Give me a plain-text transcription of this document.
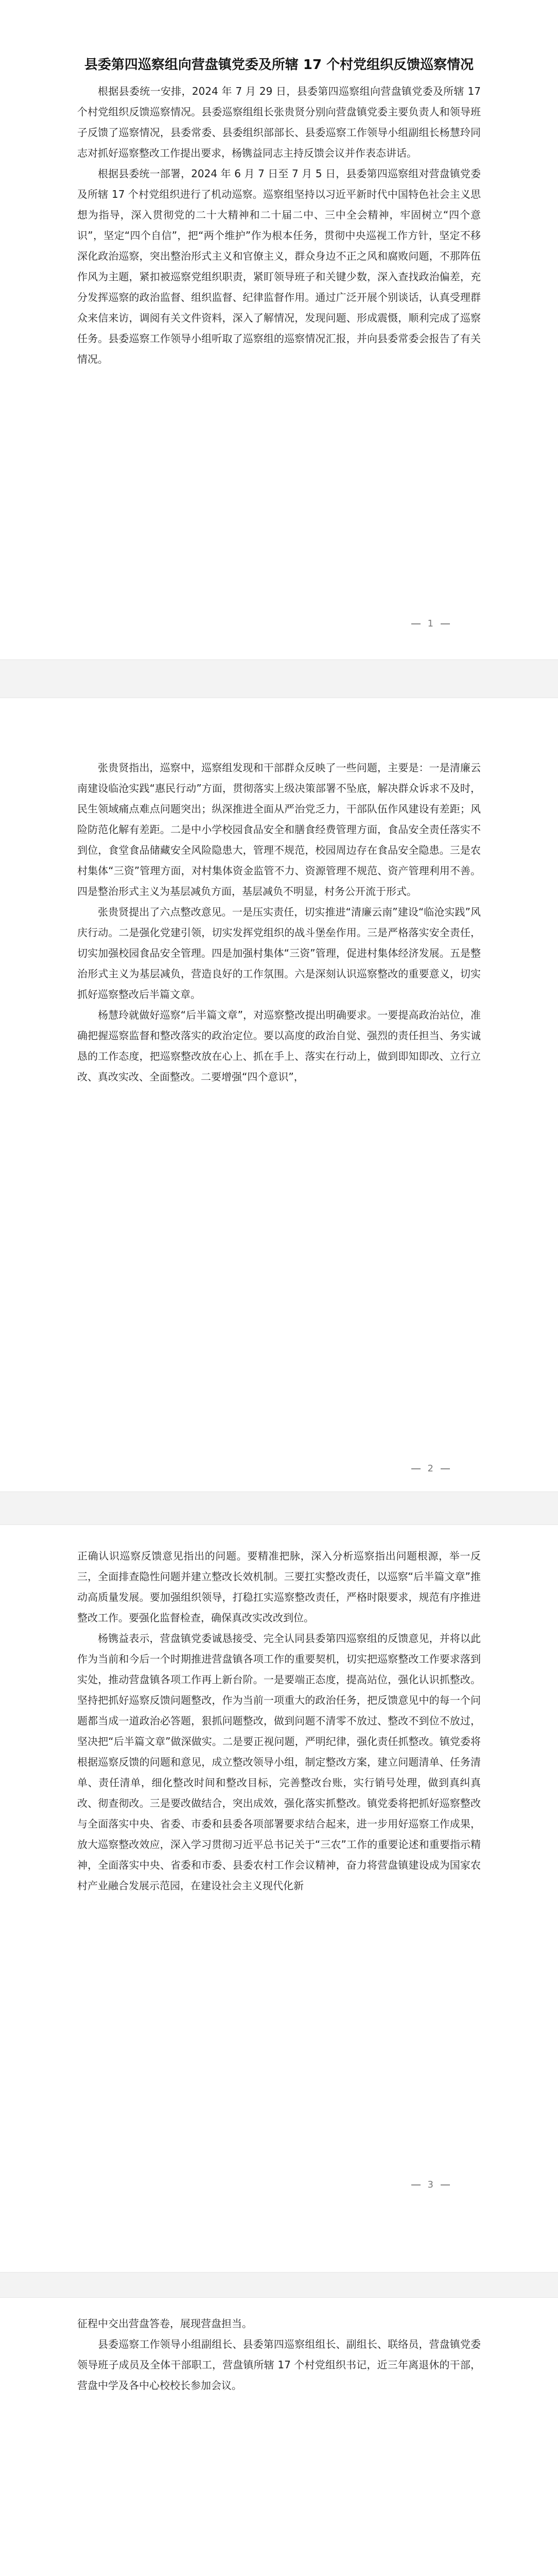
县委第四巡察组向营盘镇党委及所辖 17 个村党组织反馈巡察情况

根据县委统一安排，2024 年 7 月 29 日，县委第四巡察组向营盘镇党委及所辖 17 个村党组织反馈巡察情况。县委巡察组组长张贵贤分别向营盘镇党委主要负责人和领导班子反馈了巡察情况，县委常委、县委组织部部长、县委巡察工作领导小组副组长杨慧玲同志对抓好巡察整改工作提出要求，杨镌益同志主持反馈会议并作表态讲话。

根据县委统一部署，2024 年 6 月 7 日至 7 月 5 日，县委第四巡察组对营盘镇党委及所辖 17 个村党组织进行了机动巡察。巡察组坚持以习近平新时代中国特色社会主义思想为指导，深入贯彻党的二十大精神和二十届二中、三中全会精神，牢固树立“四个意识”，坚定“四个自信”，把“两个维护”作为根本任务，贯彻中央巡视工作方针，坚定不移深化政治巡察，突出整治形式主义和官僚主义，群众身边不正之风和腐败问题，不那阵伍作风为主题，紧扣被巡察党组织职责，紧盯领导班子和关键少数，深入查找政治偏差，充分发挥巡察的政治监督、组织监督、纪律监督作用。通过广泛开展个别谈话，认真受理群众来信来访，调阅有关文件资料，深入了解情况，发现问题、形成震慑，顺利完成了巡察任务。县委巡察工作领导小组听取了巡察组的巡察情况汇报，并向县委常委会报告了有关情况。

1

张贵贤指出，巡察中，巡察组发现和干部群众反映了一些问题，主要是：一是清廉云南建设临沧实践“惠民行动”方面，贯彻落实上级决策部署不坠底，解决群众诉求不及时，民生领域痛点难点问题突出；纵深推进全面从严治党乏力，干部队伍作风建设有差距；风险防范化解有差距。二是中小学校园食品安全和膳食经费管理方面，食品安全责任落实不到位，食堂食品储藏安全风险隐患大，管理不规范，校园周边存在食品安全隐患。三是农村集体“三资”管理方面，对村集体资金监管不力、资源管理不规范、资产管理利用不善。四是整治形式主义为基层减负方面，基层减负不明显，村务公开流于形式。

张贵贤提出了六点整改意见。一是压实责任，切实推进“清廉云南”建设“临沧实践”风庆行动。二是强化党建引领，切实发挥党组织的战斗堡垒作用。三是严格落实安全责任，切实加强校园食品安全管理。四是加强村集体“三资”管理，促进村集体经济发展。五是整治形式主义为基层减负，营造良好的工作氛围。六是深刻认识巡察整改的重要意义，切实抓好巡察整改后半篇文章。

杨慧玲就做好巡察“后半篇文章”，对巡察整改提出明确要求。一要提高政治站位，准确把握巡察监督和整改落实的政治定位。要以高度的政治自觉、强烈的责任担当、务实诚恳的工作态度，把巡察整改放在心上、抓在手上、落实在行动上，做到即知即改、立行立改、真改实改、全面整改。二要增强“四个意识”，

2

正确认识巡察反馈意见指出的问题。要精准把脉，深入分析巡察指出问题根源，举一反三，全面排查隐性问题并建立整改长效机制。三要扛实整改责任，以巡察“后半篇文章”推动高质量发展。要加强组织领导，打稳扛实巡察整改责任，严格时限要求，规范有序推进整改工作。要强化监督检查，确保真改实改改到位。

杨镌益表示，营盘镇党委诚恳接受、完全认同县委第四巡察组的反馈意见，并将以此作为当前和今后一个时期推进营盘镇各项工作的重要契机，切实把巡察整改工作要求落到实处，推动营盘镇各项工作再上新台阶。一是要端正态度，提高站位，强化认识抓整改。坚持把抓好巡察反馈问题整改，作为当前一项重大的政治任务，把反馈意见中的每一个问题都当成一道政治必答题，狠抓问题整改，做到问题不清零不放过、整改不到位不放过，坚决把“后半篇文章”做深做实。二是要正视问题，严明纪律，强化责任抓整改。镇党委将根据巡察反馈的问题和意见，成立整改领导小组，制定整改方案，建立问题清单、任务清单、责任清单，细化整改时间和整改目标，完善整改台账，实行销号处理，做到真纠真改、彻查彻改。三是要改做结合，突出成效，强化落实抓整改。镇党委将把抓好巡察整改与全面落实中央、省委、市委和县委各项部署要求结合起来，进一步用好巡察工作成果，放大巡察整改效应，深入学习贯彻习近平总书记关于“三农”工作的重要论述和重要指示精神，全面落实中央、省委和市委、县委农村工作会议精神，奋力将营盘镇建设成为国家农村产业融合发展示范园，在建设社会主义现代化新

3

征程中交出营盘答卷，展现营盘担当。

县委巡察工作领导小组副组长、县委第四巡察组组长、副组长、联络员，营盘镇党委领导班子成员及全体干部职工，营盘镇所辖 17 个村党组织书记，近三年离退休的干部，营盘中学及各中心校校长参加会议。
